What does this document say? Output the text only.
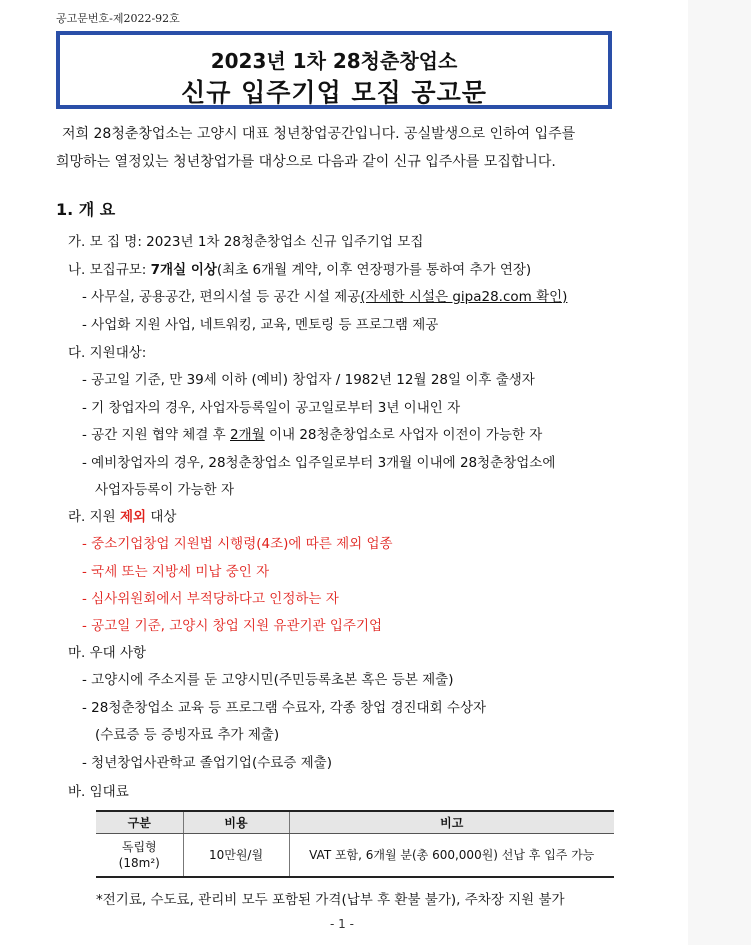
공고문번호-제2022-92호
2023년 1차 28청춘창업소
신규 입주기업 모집 공고문
저희 28청춘창업소는 고양시 대표 청년창업공간입니다. 공실발생으로 인하여 입주를
희망하는 열정있는 청년창업가를 대상으로 다음과 같이 신규 입주사를 모집합니다.
1. 개 요
가. 모 집 명: 2023년 1차 28청춘창업소 신규 입주기업 모집
나. 모집규모: 7개실 이상(최초 6개월 계약, 이후 연장평가를 통하여 추가 연장)
- 사무실, 공용공간, 편의시설 등 공간 시설 제공(자세한 시설은 gipa28.com 확인)
- 사업화 지원 사업, 네트워킹, 교육, 멘토링 등 프로그램 제공
다. 지원대상:
- 공고일 기준, 만 39세 이하 (예비) 창업자 / 1982년 12월 28일 이후 출생자
- 기 창업자의 경우, 사업자등록일이 공고일로부터 3년 이내인 자
- 공간 지원 협약 체결 후 2개월 이내 28청춘창업소로 사업자 이전이 가능한 자
- 예비창업자의 경우, 28청춘창업소 입주일로부터 3개월 이내에 28청춘창업소에
사업자등록이 가능한 자
라. 지원 제외 대상
- 중소기업창업 지원법 시행령(4조)에 따른 제외 업종
- 국세 또는 지방세 미납 중인 자
- 심사위원회에서 부적당하다고 인정하는 자
- 공고일 기준, 고양시 창업 지원 유관기관 입주기업
마. 우대 사항
- 고양시에 주소지를 둔 고양시민(주민등록초본 혹은 등본 제출)
- 28청춘창업소 교육 등 프로그램 수료자, 각종 창업 경진대회 수상자
(수료증 등 증빙자료 추가 제출)
- 청년창업사관학교 졸업기업(수료증 제출)
바. 임대료
구분	비용	비고

독립형
(18m²)	10만원/월	VAT 포함, 6개월 분(총 600,000원) 선납 후 입주 가능
*전기료, 수도료, 관리비 모두 포함된 가격(납부 후 환불 불가), 주차장 지원 불가
- 1 -
